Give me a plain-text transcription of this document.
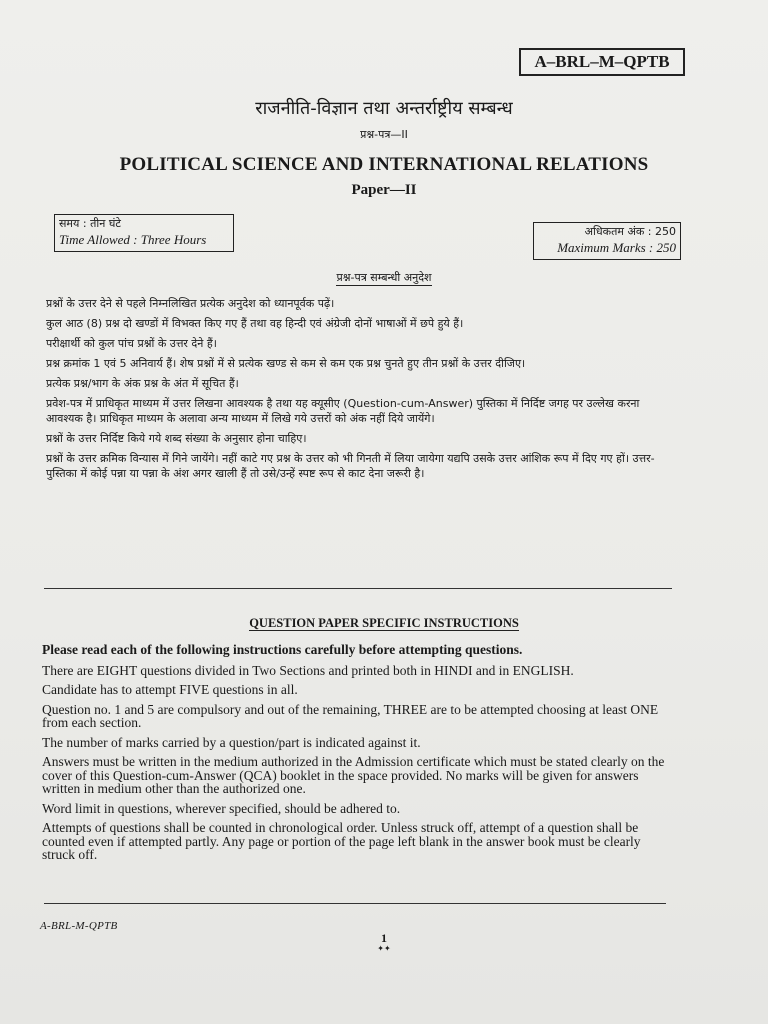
A–BRL–M–QPTB
राजनीति-विज्ञान तथा अन्तर्राष्ट्रीय सम्बन्ध
प्रश्न-पत्र—II
POLITICAL SCIENCE AND INTERNATIONAL RELATIONS
Paper—II
समय : तीन घंटे
Time Allowed : Three Hours
अधिकतम अंक : 250
Maximum Marks : 250
प्रश्न-पत्र सम्बन्धी अनुदेश

प्रश्नों के उत्तर देने से पहले निम्नलिखित प्रत्येक अनुदेश को ध्यानपूर्वक पढ़ें।

कुल आठ (8) प्रश्न दो खण्डों में विभक्त किए गए हैं तथा वह हिन्दी एवं अंग्रेजी दोनों भाषाओं में छपे हुये हैं।

परीक्षार्थी को कुल पांच प्रश्नों के उत्तर देने हैं।

प्रश्न क्रमांक 1 एवं 5 अनिवार्य हैं। शेष प्रश्नों में से प्रत्येक खण्ड से कम से कम एक प्रश्न चुनते हुए तीन प्रश्नों के उत्तर दीजिए।

प्रत्येक प्रश्न/भाग के अंक प्रश्न के अंत में सूचित हैं।

प्रवेश-पत्र में प्राधिकृत माध्यम में उत्तर लिखना आवश्यक है तथा यह क्यूसीए (Question-cum-Answer) पुस्तिका में निर्दिष्ट जगह पर उल्लेख करना आवश्यक है। प्राधिकृत माध्यम के अलावा अन्य माध्यम में लिखे गये उत्तरों को अंक नहीं दिये जायेंगे।

प्रश्नों के उत्तर निर्दिष्ट किये गये शब्द संख्या के अनुसार होना चाहिए।

प्रश्नों के उत्तर क्रमिक विन्यास में गिने जायेंगे। नहीं काटे गए प्रश्न के उत्तर को भी गिनती में लिया जायेगा यद्यपि उसके उत्तर आंशिक रूप में दिए गए हों। उत्तर-पुस्तिका में कोई पन्ना या पन्ना के अंश अगर खाली हैं तो उसे/उन्हें स्पष्ट रूप से काट देना जरूरी है।

QUESTION PAPER SPECIFIC INSTRUCTIONS

Please read each of the following instructions carefully before attempting questions.

There are EIGHT questions divided in Two Sections and printed both in HINDI and in ENGLISH.

Candidate has to attempt FIVE questions in all.

Question no. 1 and 5 are compulsory and out of the remaining, THREE are to be attempted choosing at least ONE from each section.

The number of marks carried by a question/part is indicated against it.

Answers must be written in the medium authorized in the Admission certificate which must be stated clearly on the cover of this Question-cum-Answer (QCA) booklet in the space provided. No marks will be given for answers written in medium other than the authorized one.

Word limit in questions, wherever specified, should be adhered to.

Attempts of questions shall be counted in chronological order. Unless struck off, attempt of a question shall be counted even if attempted partly. Any page or portion of the page left blank in the answer book must be clearly struck off.

A-BRL-M-QPTB
1
✦✦
